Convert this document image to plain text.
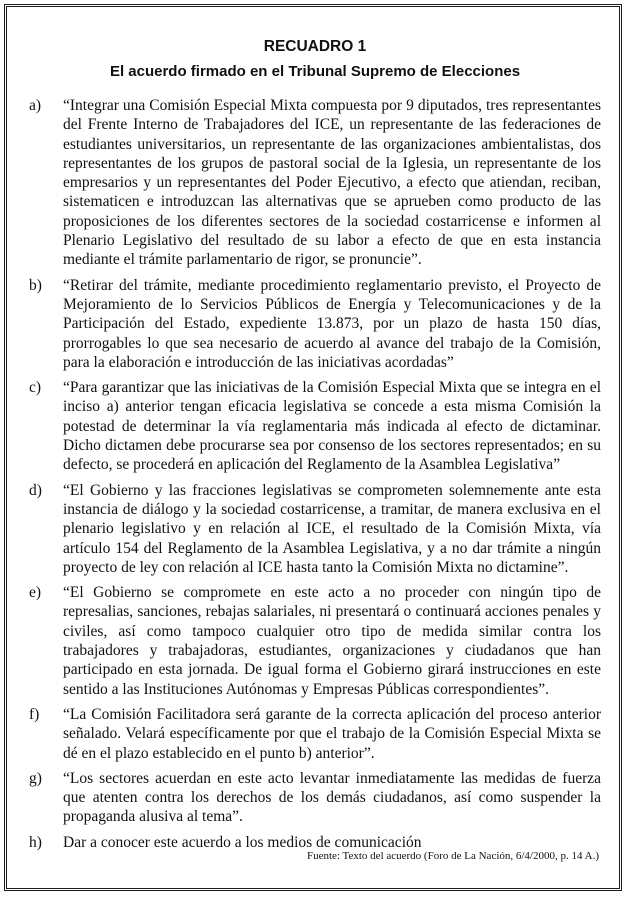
RECUADRO 1
El acuerdo firmado en el Tribunal Supremo de Elecciones
a)	“Integrar una Comisión Especial Mixta compuesta por 9 diputados, tres representantes del Frente Interno de Trabajadores del ICE, un representante de las federaciones de estudiantes universitarios, un representante de las organizaciones ambientalistas, dos representantes de los grupos de pastoral social de la Iglesia, un representante de los empresarios y un representantes del Poder Ejecutivo, a efecto que atiendan, reciban, sistematicen e introduzcan las alternativas que se aprueben como producto de las proposiciones de los diferentes sectores de la sociedad costarricense e informen al Plenario Legislativo del resultado de su labor a efecto de que en esta instancia mediante el trámite parlamentario de rigor, se pronuncie”.
b)	“Retirar del trámite, mediante procedimiento reglamentario previsto, el Proyecto de Mejoramiento de lo Servicios Públicos de Energía y Telecomunicaciones y de la Participación del Estado, expediente 13.873, por un plazo de hasta 150 días, prorrogables lo que sea necesario de acuerdo al avance del trabajo de la Comisión, para la elaboración e introducción de las iniciativas acordadas”
c)	“Para garantizar que las iniciativas de la Comisión Especial Mixta que se integra en el inciso a) anterior tengan eficacia legislativa se concede a esta misma Comisión la potestad de determinar la vía reglamentaria más indicada al efecto de dictaminar. Dicho dictamen debe procurarse sea por consenso de los sectores representados; en su defecto, se procederá en aplicación del Reglamento de la Asamblea Legislativa”
d)	“El Gobierno y las fracciones legislativas se comprometen solemnemente ante esta instancia de diálogo y la sociedad costarricense, a tramitar, de manera exclusiva en el plenario legislativo y en relación al ICE, el resultado de la Comisión Mixta, vía artículo 154 del Reglamento de la Asamblea Legislativa, y a no dar trámite a ningún proyecto de ley con relación al ICE hasta tanto la Comisión Mixta no dictamine”.
e)	“El Gobierno se compromete en este acto a no proceder con ningún tipo de represalias, sanciones, rebajas salariales, ni presentará o continuará acciones penales y civiles, así como tampoco cualquier otro tipo de medida similar contra los trabajadores y trabajadoras, estudiantes, organizaciones y ciudadanos que han participado en esta jornada. De igual forma el Gobierno girará instrucciones en este sentido a las Instituciones Autónomas y Empresas Públicas correspondientes”.
f)	“La Comisión Facilitadora será garante de la correcta aplicación del proceso anterior señalado. Velará específicamente por que el trabajo de la Comisión Especial Mixta se dé en el plazo establecido en el punto b) anterior”.
g)	“Los sectores acuerdan en este acto levantar inmediatamente las medidas de fuerza que atenten contra los derechos de los demás ciudadanos, así como suspender la propaganda alusiva al tema”.
h)	Dar a conocer este acuerdo a los medios de comunicación
Fuente: Texto del acuerdo (Foro de La Nación, 6/4/2000, p. 14 A.)
